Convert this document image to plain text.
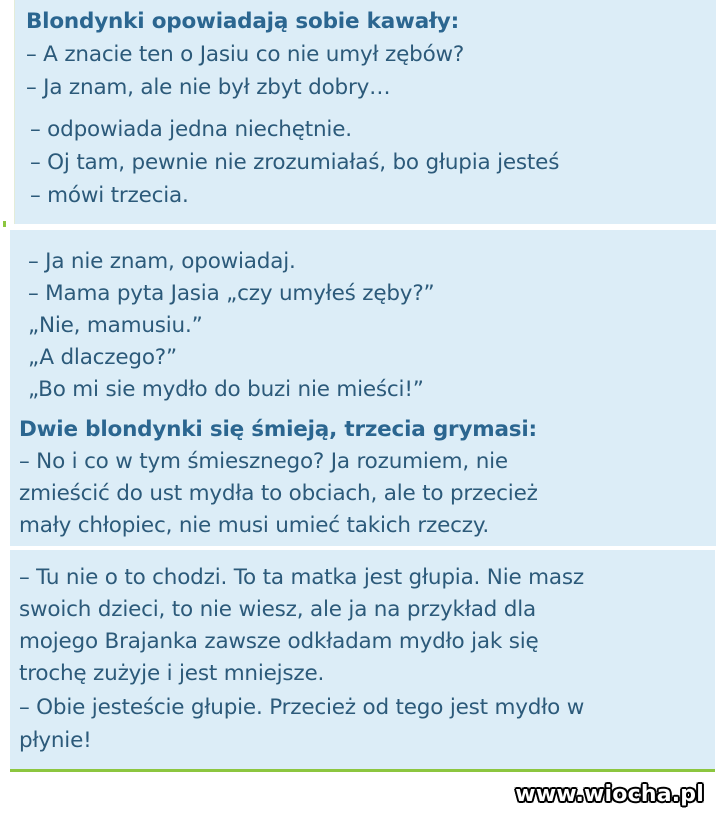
Blondynki opowiadają sobie kawały:
– A znacie ten o Jasiu co nie umył zębów?
– Ja znam, ale nie był zbyt dobry…
– odpowiada jedna niechętnie.
– Oj tam, pewnie nie zrozumiałaś, bo głupia jesteś
– mówi trzecia.
– Ja nie znam, opowiadaj.
– Mama pyta Jasia „czy umyłeś zęby?”
„Nie, mamusiu.”
„A dlaczego?”
„Bo mi sie mydło do buzi nie mieści!”
Dwie blondynki się śmieją, trzecia grymasi:
– No i co w tym śmiesznego? Ja rozumiem, nie
zmieścić do ust mydła to obciach, ale to przecież
mały chłopiec, nie musi umieć takich rzeczy.
– Tu nie o to chodzi. To ta matka jest głupia. Nie masz
swoich dzieci, to nie wiesz, ale ja na przykład dla
mojego Brajanka zawsze odkładam mydło jak się
trochę zużyje i jest mniejsze.
– Obie jesteście głupie. Przecież od tego jest mydło w
płynie!
www.wiocha.pl
